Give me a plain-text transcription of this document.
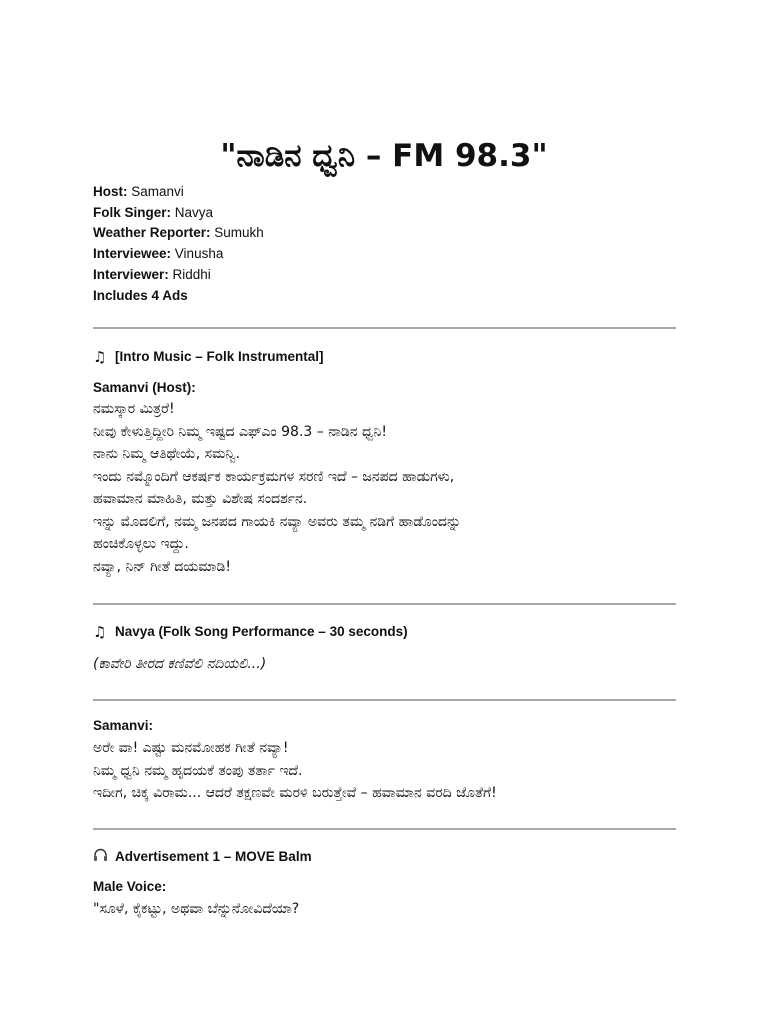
"ನಾಡಿನ ಧ್ವನಿ – FM 98.3"
Host: Samanvi
Folk Singer: Navya
Weather Reporter: Sumukh
Interviewee: Vinusha
Interviewer: Riddhi
Includes 4 Ads
♫ [Intro Music – Folk Instrumental]
Samanvi (Host):
ನಮಸ್ಕಾರ ಮಿತ್ರರೆ!
ನೀವು ಕೇಳುತ್ತಿದ್ದೀರಿ ನಿಮ್ಮ ಇಷ್ಟದ ಎಫ್‌ಎಂ 98.3 – ನಾಡಿನ ಧ್ವನಿ!
ನಾನು ನಿಮ್ಮ ಆತಿಥೇಯೆ, ಸಮನ್ವಿ.
ಇಂದು ನಮ್ಮೊಂದಿಗೆ ಆಕರ್ಷಕ ಕಾರ್ಯಕ್ರಮಗಳ ಸರಣಿ ಇದೆ – ಜನಪದ ಹಾಡುಗಳು,
ಹವಾಮಾನ ಮಾಹಿತಿ, ಮತ್ತು ವಿಶೇಷ ಸಂದರ್ಶನ.
ಇನ್ನು ಮೊದಲಿಗೆ, ನಮ್ಮ ಜನಪದ ಗಾಯಕಿ ನವ್ಯಾ ಅವರು ತಮ್ಮ ನಡಿಗೆ ಹಾಡೊಂದನ್ನು
ಹಂಚಿಕೊಳ್ಳಲು ಇದ್ದು.
ನವ್ಯಾ, ನಿನ್ ಗೀತೆ ದಯಮಾಡಿ!
♫ Navya (Folk Song Performance – 30 seconds)
(ಕಾವೇರಿ ತೀರದ ಕಣಿವೆಲಿ ನದಿಯಲಿ...)
Samanvi:
ಅರೇ ವಾ! ಎಷ್ಟು ಮನಮೋಹಕ ಗೀತೆ ನವ್ಯಾ!
ನಿಮ್ಮ ಧ್ವನಿ ನಮ್ಮ ಹೃದಯಕೆ ತಂಪು ತರ್ತಾ ಇದೆ.
ಇದೀಗ, ಚಿಕ್ಕ ವಿರಾಮ... ಆದರೆ ತಕ್ಷಣವೇ ಮರಳಿ ಬರುತ್ತೇವೆ – ಹವಾಮಾನ ವರದಿ ಜೊತೆಗೆ!
Advertisement 1 – MOVE Balm
Male Voice:
"ಸೂಳೆ, ಕೈಕಟ್ಟು, ಅಥವಾ ಬೆನ್ನುನೋವಿದೆಯಾ?
